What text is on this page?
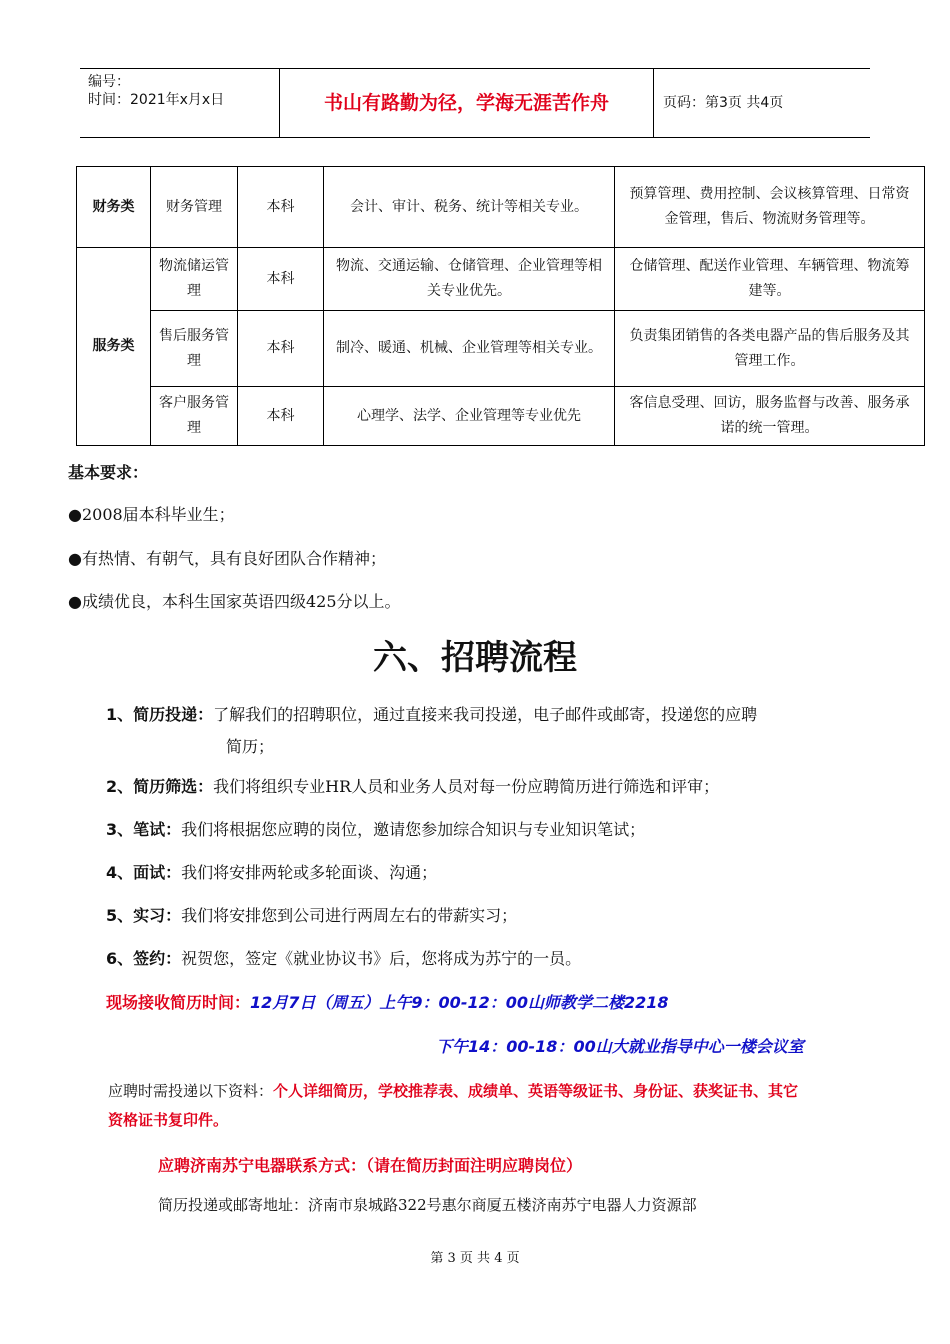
编号：
时间：2021年x月x日	书山有路勤为径，学海无涯苦作舟	页码：第3页 共4页
财务类	财务管理	本科	会计、审计、税务、统计等相关专业。	预算管理、费用控制、会议核算管理、日常资金管理，售后、物流财务管理等。
服务类	物流储运管理	本科	物流、交通运输、仓储管理、企业管理等相关专业优先。	仓储管理、配送作业管理、车辆管理、物流筹建等。
	售后服务管理	本科	制冷、暖通、机械、企业管理等相关专业。	负责集团销售的各类电器产品的售后服务及其管理工作。
	客户服务管理	本科	心理学、法学、企业管理等专业优先	客信息受理、回访，服务监督与改善、服务承诺的统一管理。
基本要求：
●2008届本科毕业生；
●有热情、有朝气，具有良好团队合作精神；
●成绩优良，本科生国家英语四级425分以上。
六、招聘流程
1、简历投递：了解我们的招聘职位，通过直接来我司投递，电子邮件或邮寄，投递您的应聘
简历；
2、简历筛选：我们将组织专业HR人员和业务人员对每一份应聘简历进行筛选和评审；
3、笔试：我们将根据您应聘的岗位，邀请您参加综合知识与专业知识笔试；
4、面试：我们将安排两轮或多轮面谈、沟通；
5、实习：我们将安排您到公司进行两周左右的带薪实习；
6、签约：祝贺您，签定《就业协议书》后，您将成为苏宁的一员。
现场接收简历时间：12月7日（周五）上午9：00-12：00山师教学二楼2218
下午14：00-18：00山大就业指导中心一楼会议室
应聘时需投递以下资料：个人详细简历，学校推荐表、成绩单、英语等级证书、身份证、获奖证书、其它
资格证书复印件。
应聘济南苏宁电器联系方式：（请在简历封面注明应聘岗位）
简历投递或邮寄地址：济南市泉城路322号惠尔商厦五楼济南苏宁电器人力资源部
第 3 页 共 4 页
